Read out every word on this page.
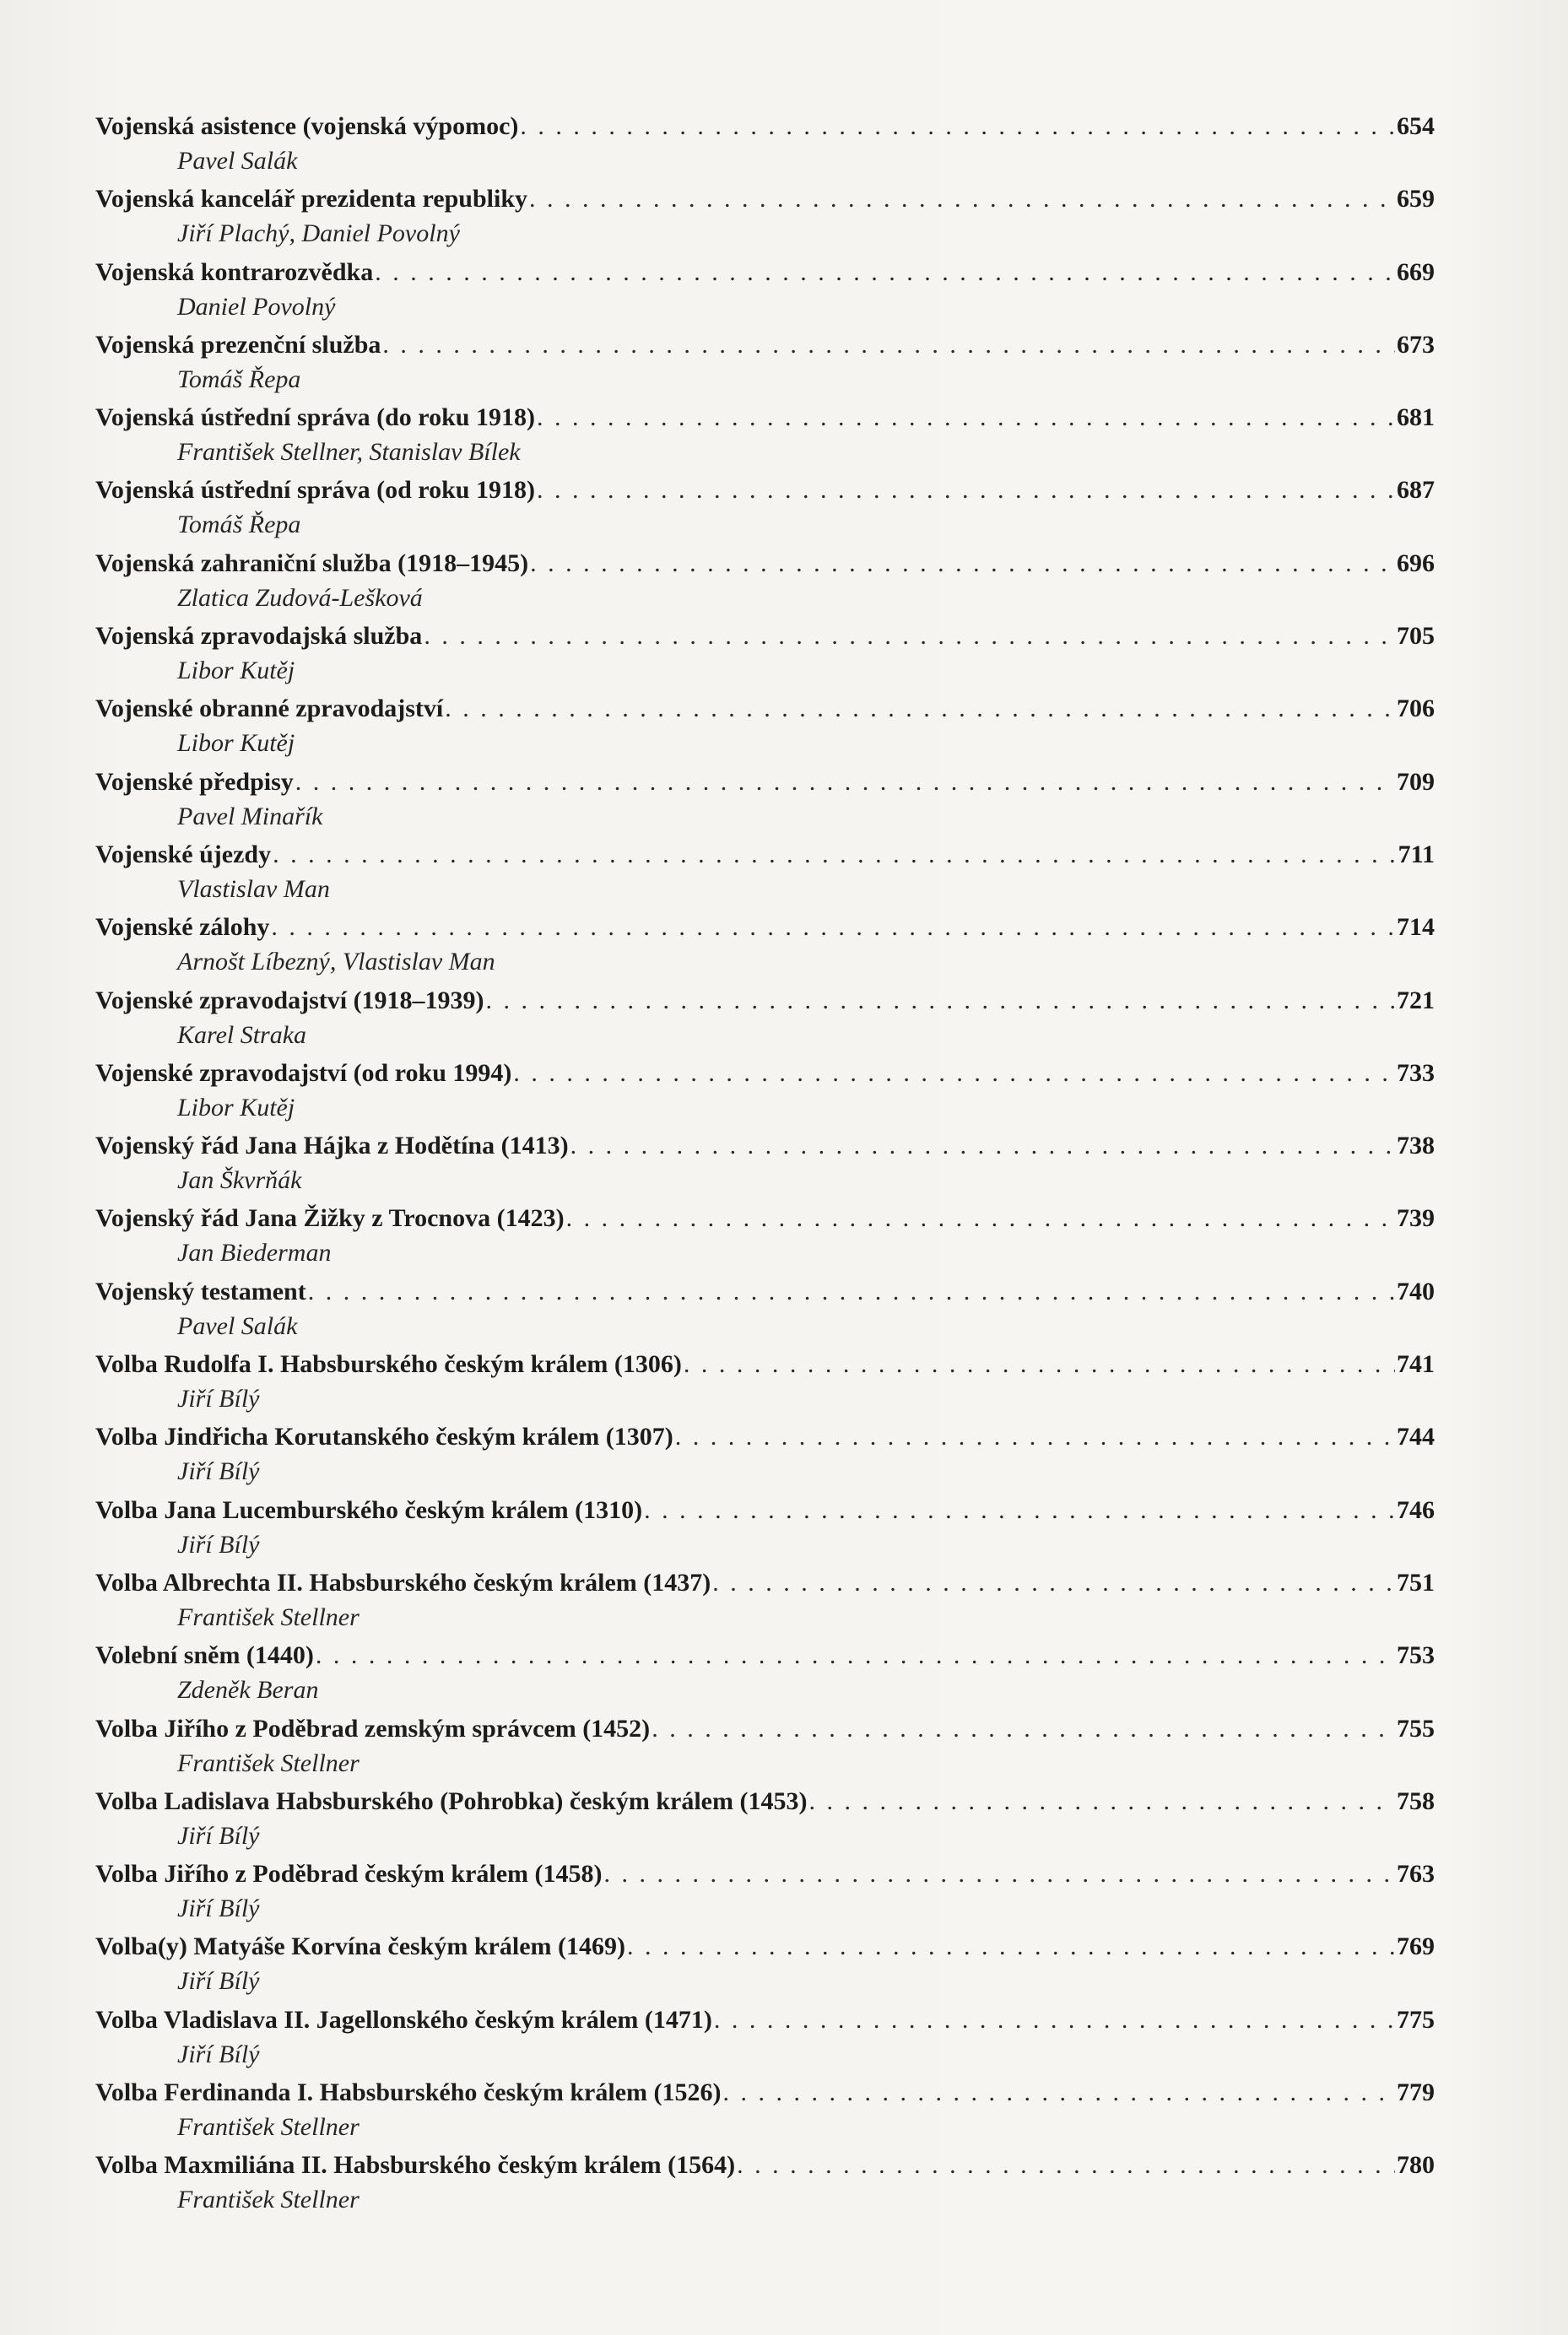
Vojenská asistence (vojenská výpomoc) . . .	654
Pavel Salák
Vojenská kancelář prezidenta republiky . . .	659
Jiří Plachý, Daniel Povolný
Vojenská kontrarozvědka . . .	669
Daniel Povolný
Vojenská prezenční služba . . .	673
Tomáš Řepa
Vojenská ústřední správa (do roku 1918) . . .	681
František Stellner, Stanislav Bílek
Vojenská ústřední správa (od roku 1918) . . .	687
Tomáš Řepa
Vojenská zahraniční služba (1918–1945) . . .	696
Zlatica Zudová-Lešková
Vojenská zpravodajská služba . . .	705
Libor Kutěj
Vojenské obranné zpravodajství . . .	706
Libor Kutěj
Vojenské předpisy . . .	709
Pavel Minařík
Vojenské újezdy . . .	711
Vlastislav Man
Vojenské zálohy . . .	714
Arnošt Líbezný, Vlastislav Man
Vojenské zpravodajství (1918–1939) . . .	721
Karel Straka
Vojenské zpravodajství (od roku 1994) . . .	733
Libor Kutěj
Vojenský řád Jana Hájka z Hodětína (1413) . . .	738
Jan Škvrňák
Vojenský řád Jana Žižky z Trocnova (1423) . . .	739
Jan Biederman
Vojenský testament . . .	740
Pavel Salák
Volba Rudolfa I. Habsburského českým králem (1306) . . .	741
Jiří Bílý
Volba Jindřicha Korutanského českým králem (1307) . . .	744
Jiří Bílý
Volba Jana Lucemburského českým králem (1310) . . .	746
Jiří Bílý
Volba Albrechta II. Habsburského českým králem (1437) . . .	751
František Stellner
Volební sněm (1440) . . .	753
Zdeněk Beran
Volba Jiřího z Poděbrad zemským správcem (1452) . . .	755
František Stellner
Volba Ladislava Habsburského (Pohrobka) českým králem (1453) . . .	758
Jiří Bílý
Volba Jiřího z Poděbrad českým králem (1458) . . .	763
Jiří Bílý
Volba(y) Matyáše Korvína českým králem (1469) . . .	769
Jiří Bílý
Volba Vladislava II. Jagellonského českým králem (1471) . . .	775
Jiří Bílý
Volba Ferdinanda I. Habsburského českým králem (1526) . . .	779
František Stellner
Volba Maxmiliána II. Habsburského českým králem (1564) . . .	780
František Stellner
